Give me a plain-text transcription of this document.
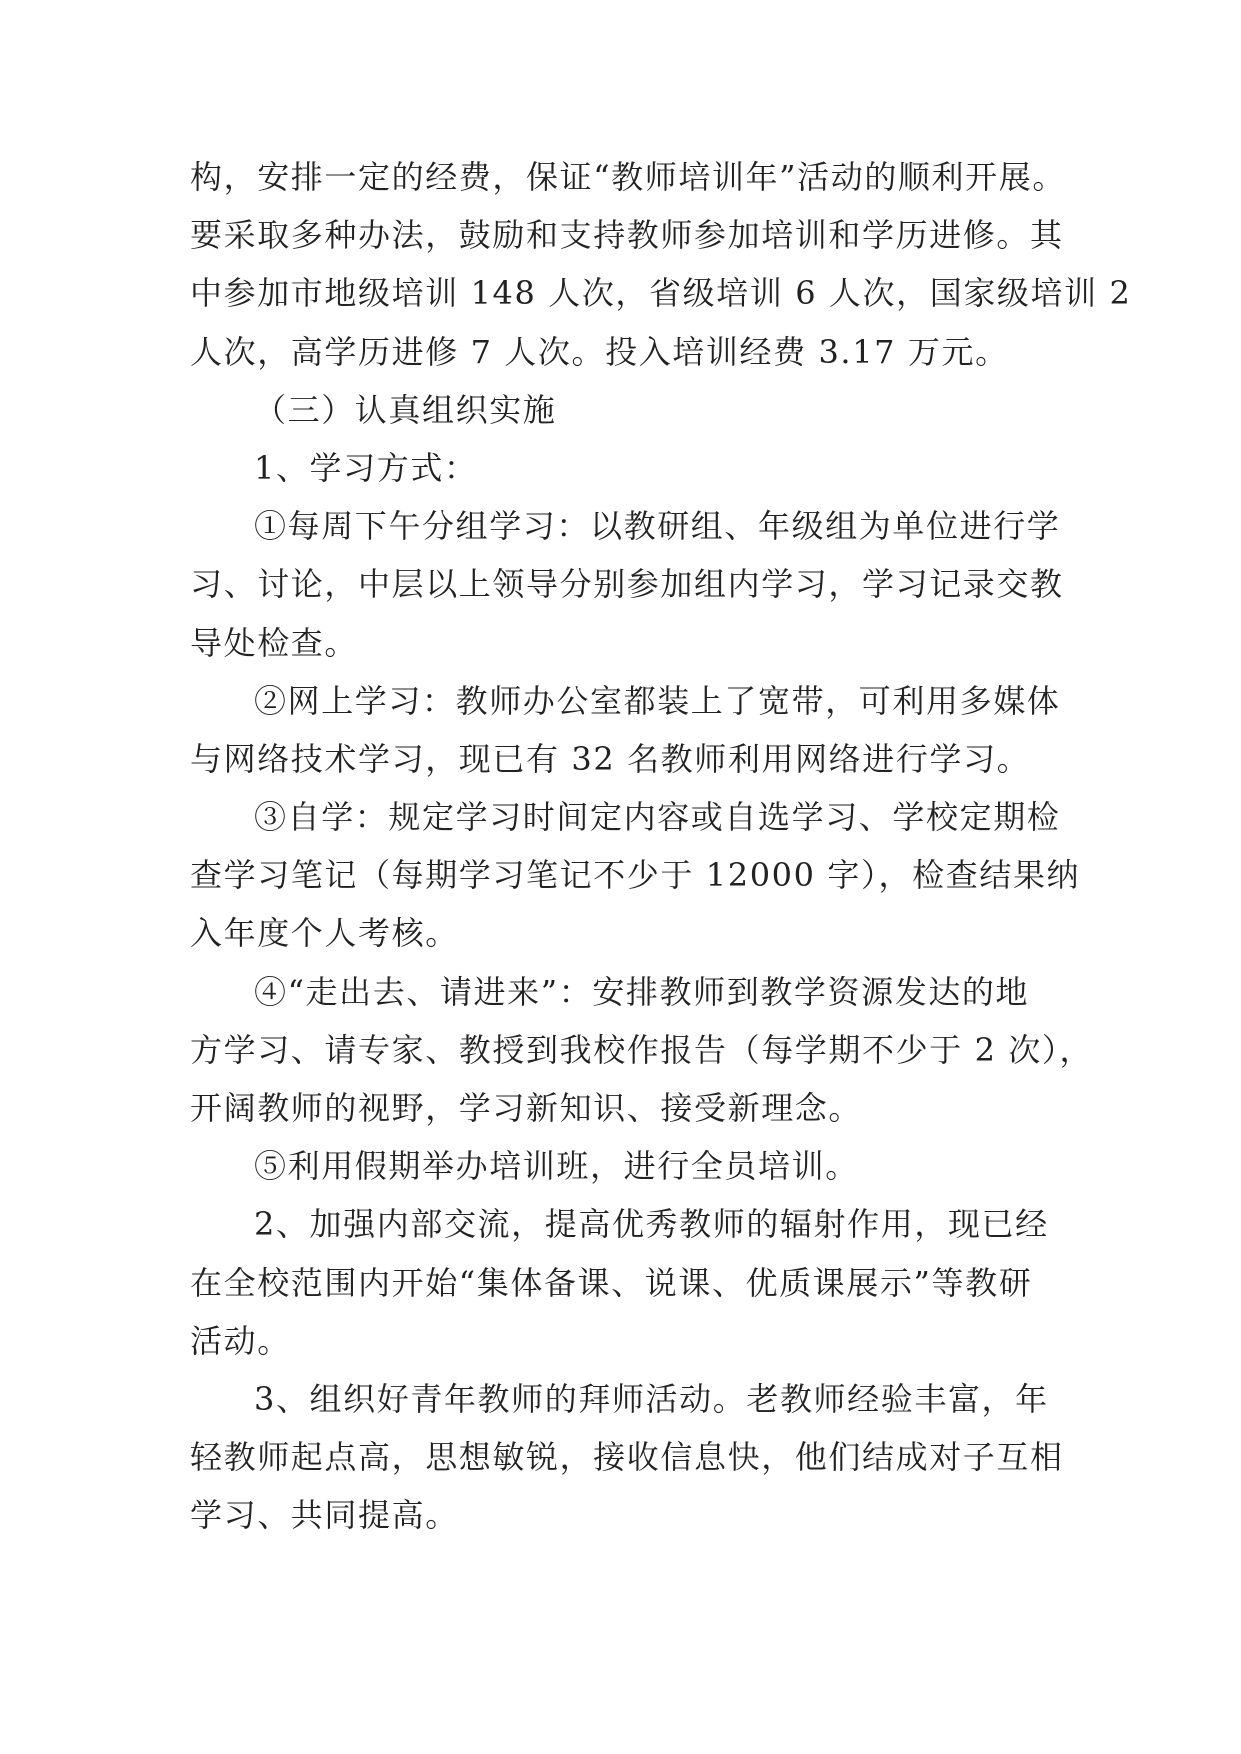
构，安排一定的经费，保证“教师培训年”活动的顺利开展。
要采取多种办法，鼓励和支持教师参加培训和学历进修。其
中参加市地级培训 148 人次，省级培训 6 人次，国家级培训 2
人次，高学历进修 7 人次。投入培训经费 3.17 万元。
（三）认真组织实施
1、学习方式：
①每周下午分组学习：以教研组、年级组为单位进行学
习、讨论，中层以上领导分别参加组内学习，学习记录交教
导处检查。
②网上学习：教师办公室都装上了宽带，可利用多媒体
与网络技术学习，现已有 32 名教师利用网络进行学习。
③自学：规定学习时间定内容或自选学习、学校定期检
查学习笔记（每期学习笔记不少于 12000 字），检查结果纳
入年度个人考核。
④“走出去、请进来”：安排教师到教学资源发达的地
方学习、请专家、教授到我校作报告（每学期不少于 2 次），
开阔教师的视野，学习新知识、接受新理念。
⑤利用假期举办培训班，进行全员培训。
2、加强内部交流，提高优秀教师的辐射作用，现已经
在全校范围内开始“集体备课、说课、优质课展示”等教研
活动。
3、组织好青年教师的拜师活动。老教师经验丰富，年
轻教师起点高，思想敏锐，接收信息快，他们结成对子互相
学习、共同提高。
